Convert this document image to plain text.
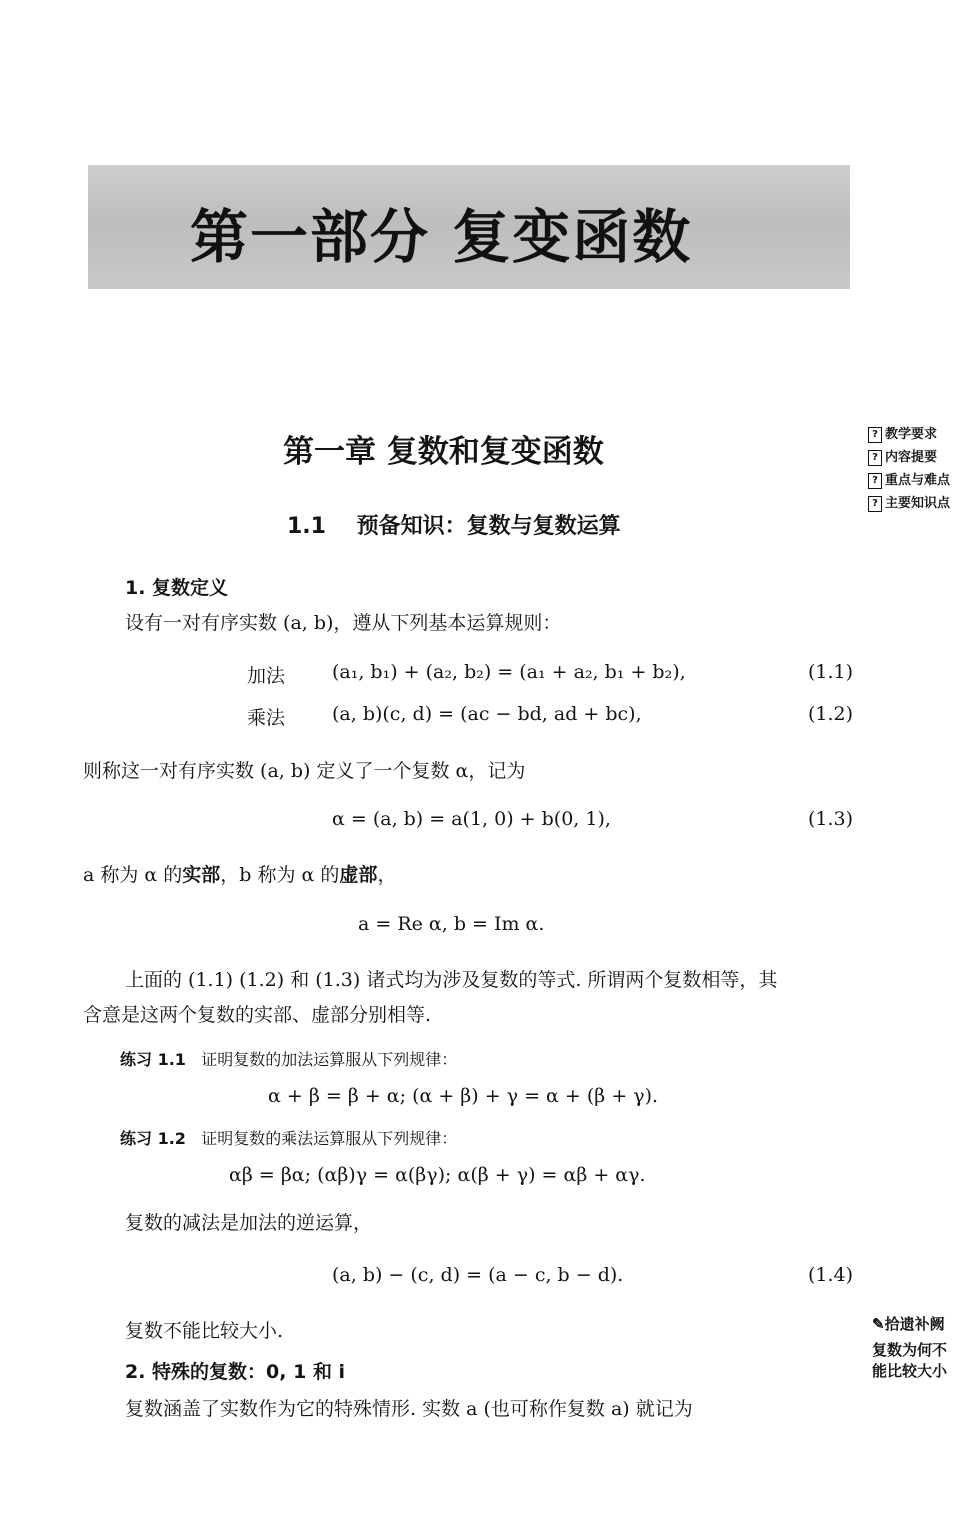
第一部分 复变函数
第一章 复数和复变函数
1.1 预备知识：复数与复数运算
? 教学要求
? 内容提要
? 重点与难点
? 主要知识点
1. 复数定义
设有一对有序实数 (a, b)，遵从下列基本运算规则：
加法 (a₁, b₁) + (a₂, b₂) = (a₁ + a₂, b₁ + b₂),	(1.1)
乘法 (a, b)(c, d) = (ac − bd, ad + bc),	(1.2)
则称这一对有序实数 (a, b) 定义了一个复数 α，记为
α = (a, b) = a(1, 0) + b(0, 1),	(1.3)
a 称为 α 的实部，b 称为 α 的虚部，
a = Re α, b = Im α.
上面的 (1.1) (1.2) 和 (1.3) 诸式均为涉及复数的等式. 所谓两个复数相等，其
含意是这两个复数的实部、虚部分别相等.
练习 1.1 证明复数的加法运算服从下列规律：
α + β = β + α; (α + β) + γ = α + (β + γ).
练习 1.2 证明复数的乘法运算服从下列规律：
αβ = βα; (αβ)γ = α(βγ); α(β + γ) = αβ + αγ.
复数的减法是加法的逆运算，
(a, b) − (c, d) = (a − c, b − d).	(1.4)
复数不能比较大小.
2. 特殊的复数：0, 1 和 i
复数涵盖了实数作为它的特殊情形. 实数 a (也可称作复数 a) 就记为
✎拾遗补阙
复数为何不
能比较大小
